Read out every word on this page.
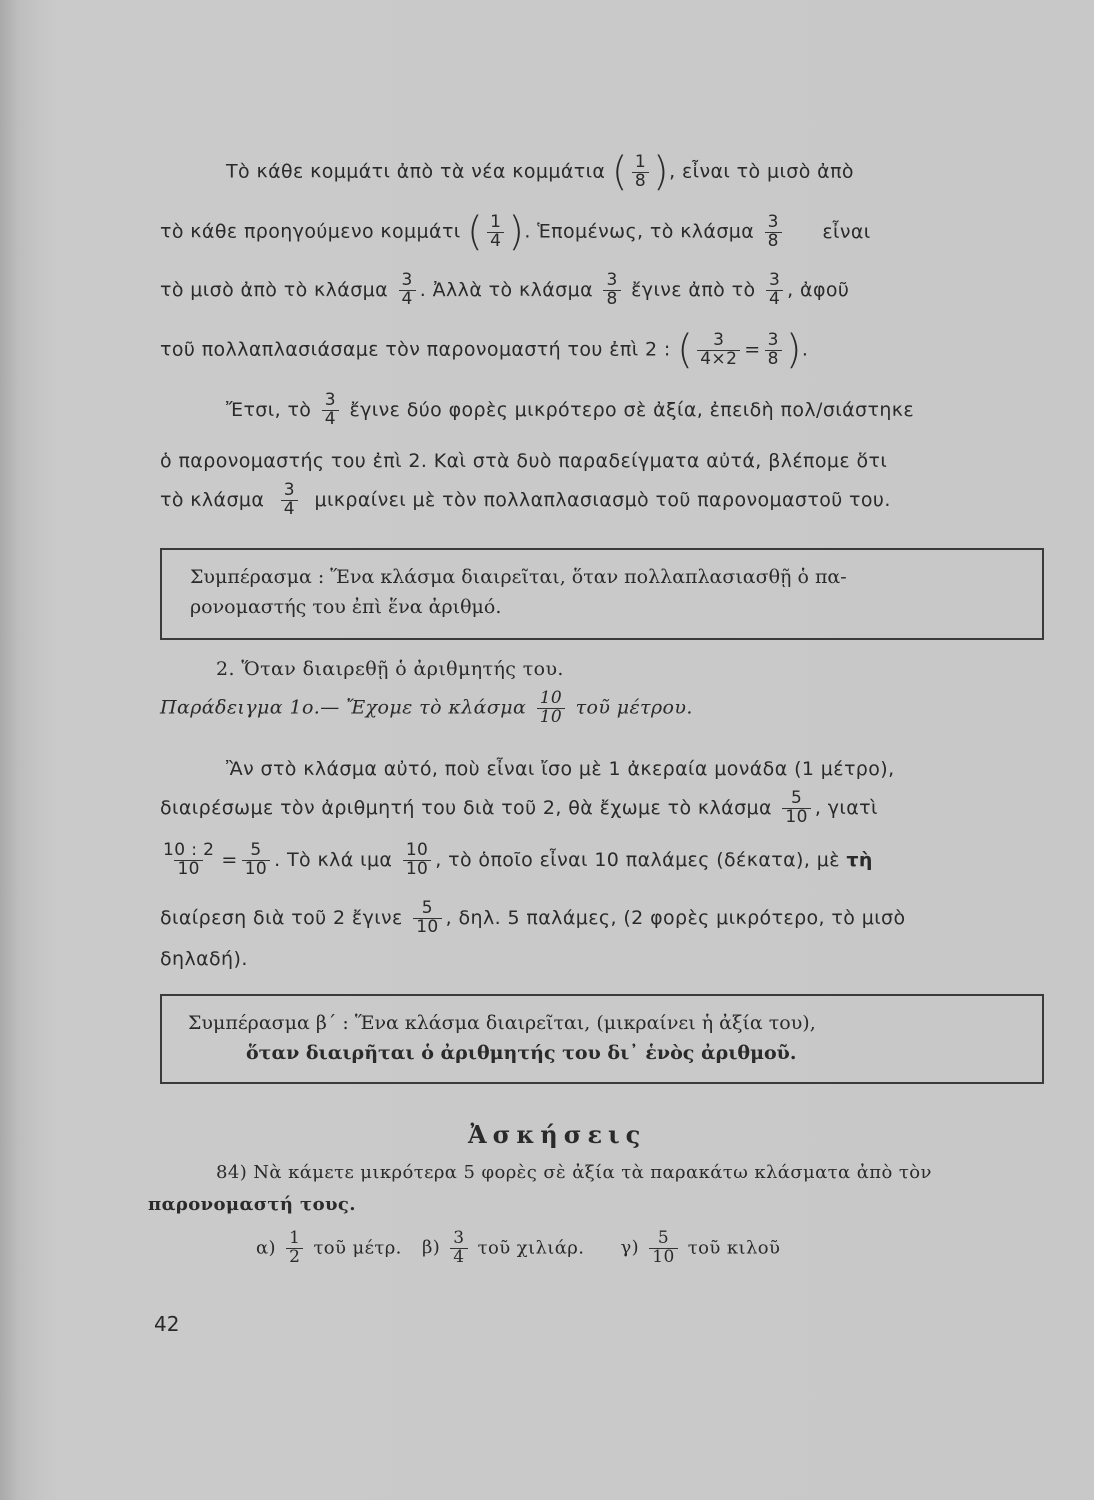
Τὸ κάθε κομμάτι ἀπὸ τὰ νέα κομμάτια ( $\frac{1}{8}$ ), εἶναι τὸ μισὸ ἀπὸ
τὸ κάθε προηγούμενο κομμάτι ( $\frac{1}{4}$ ). Ἑπομένως, τὸ κλάσμα $\frac{3}{8}$ εἶναι
τὸ μισὸ ἀπὸ τὸ κλάσμα $\frac{3}{4}$ . Ἀλλὰ τὸ κλάσμα $\frac{3}{8}$ ἔγινε ἀπὸ τὸ $\frac{3}{4}$ , ἀφοῦ
τοῦ πολλαπλασιάσαμε τὸν παρονομαστή του ἐπὶ 2 : ( $\frac{3}{4\times 2} = \frac{3}{8}$ ).
Ἔτσι, τὸ $\frac{3}{4}$ ἔγινε δύο φορὲς μικρότερο σὲ ἀξία, ἐπειδὴ πολ/σιάστηκε
ὁ παρονομαστής του ἐπὶ 2. Καὶ στὰ δυὸ παραδείγματα αὐτά, βλέπομε ὅτι
τὸ κλάσμα $\frac{3}{4}$ μικραίνει μὲ τὸν πολλαπλασιασμὸ τοῦ παρονομαστοῦ του.
Συμπέρασμα : Ἕνα κλάσμα διαιρεῖται, ὅταν πολλαπλασιασθῇ ὁ πα-
ρονομαστής του ἐπὶ ἕνα ἀριθμό.
2. Ὅταν διαιρεθῇ ὁ ἀριθμητής του.
Παράδειγμα 1ο.— Ἔχομε τὸ κλάσμα $\frac{10}{10}$ τοῦ μέτρου.
Ἂν στὸ κλάσμα αὐτό, ποὺ εἶναι ἴσο μὲ 1 ἀκεραία μονάδα (1 μέτρο),
διαιρέσωμε τὸν ἀριθμητή του διὰ τοῦ 2, θὰ ἔχωμε τὸ κλάσμα $\frac{5}{10}$ , γιατὶ
$\frac{10 : 2}{10} = \frac{5}{10}$ . Τὸ κλά ιμα $\frac{10}{10}$ , τὸ ὁποῖο εἶναι 10 παλάμες (δέκατα), μὲ τὴ
διαίρεση διὰ τοῦ 2 ἔγινε $\frac{5}{10}$ , δηλ. 5 παλάμες, (2 φορὲς μικρότερο, τὸ μισὸ
δηλαδή).
Συμπέρασμα β΄ : Ἕνα κλάσμα διαιρεῖται, (μικραίνει ἡ ἀξία του),
ὅταν διαιρῆται ὁ ἀριθμητής του δι᾽ ἑνὸς ἀριθμοῦ.
Ἀσκήσεις
84) Νὰ κάμετε μικρότερα 5 φορὲς σὲ ἀξία τὰ παρακάτω κλάσματα ἀπὸ τὸν
παρονομαστή τους.
$\alpha) \frac{1}{2}$ τοῦ μέτρ. $\beta) \frac{3}{4}$ τοῦ χιλιάρ. $\gamma) \frac{5}{10}$ τοῦ κιλοῦ
42
